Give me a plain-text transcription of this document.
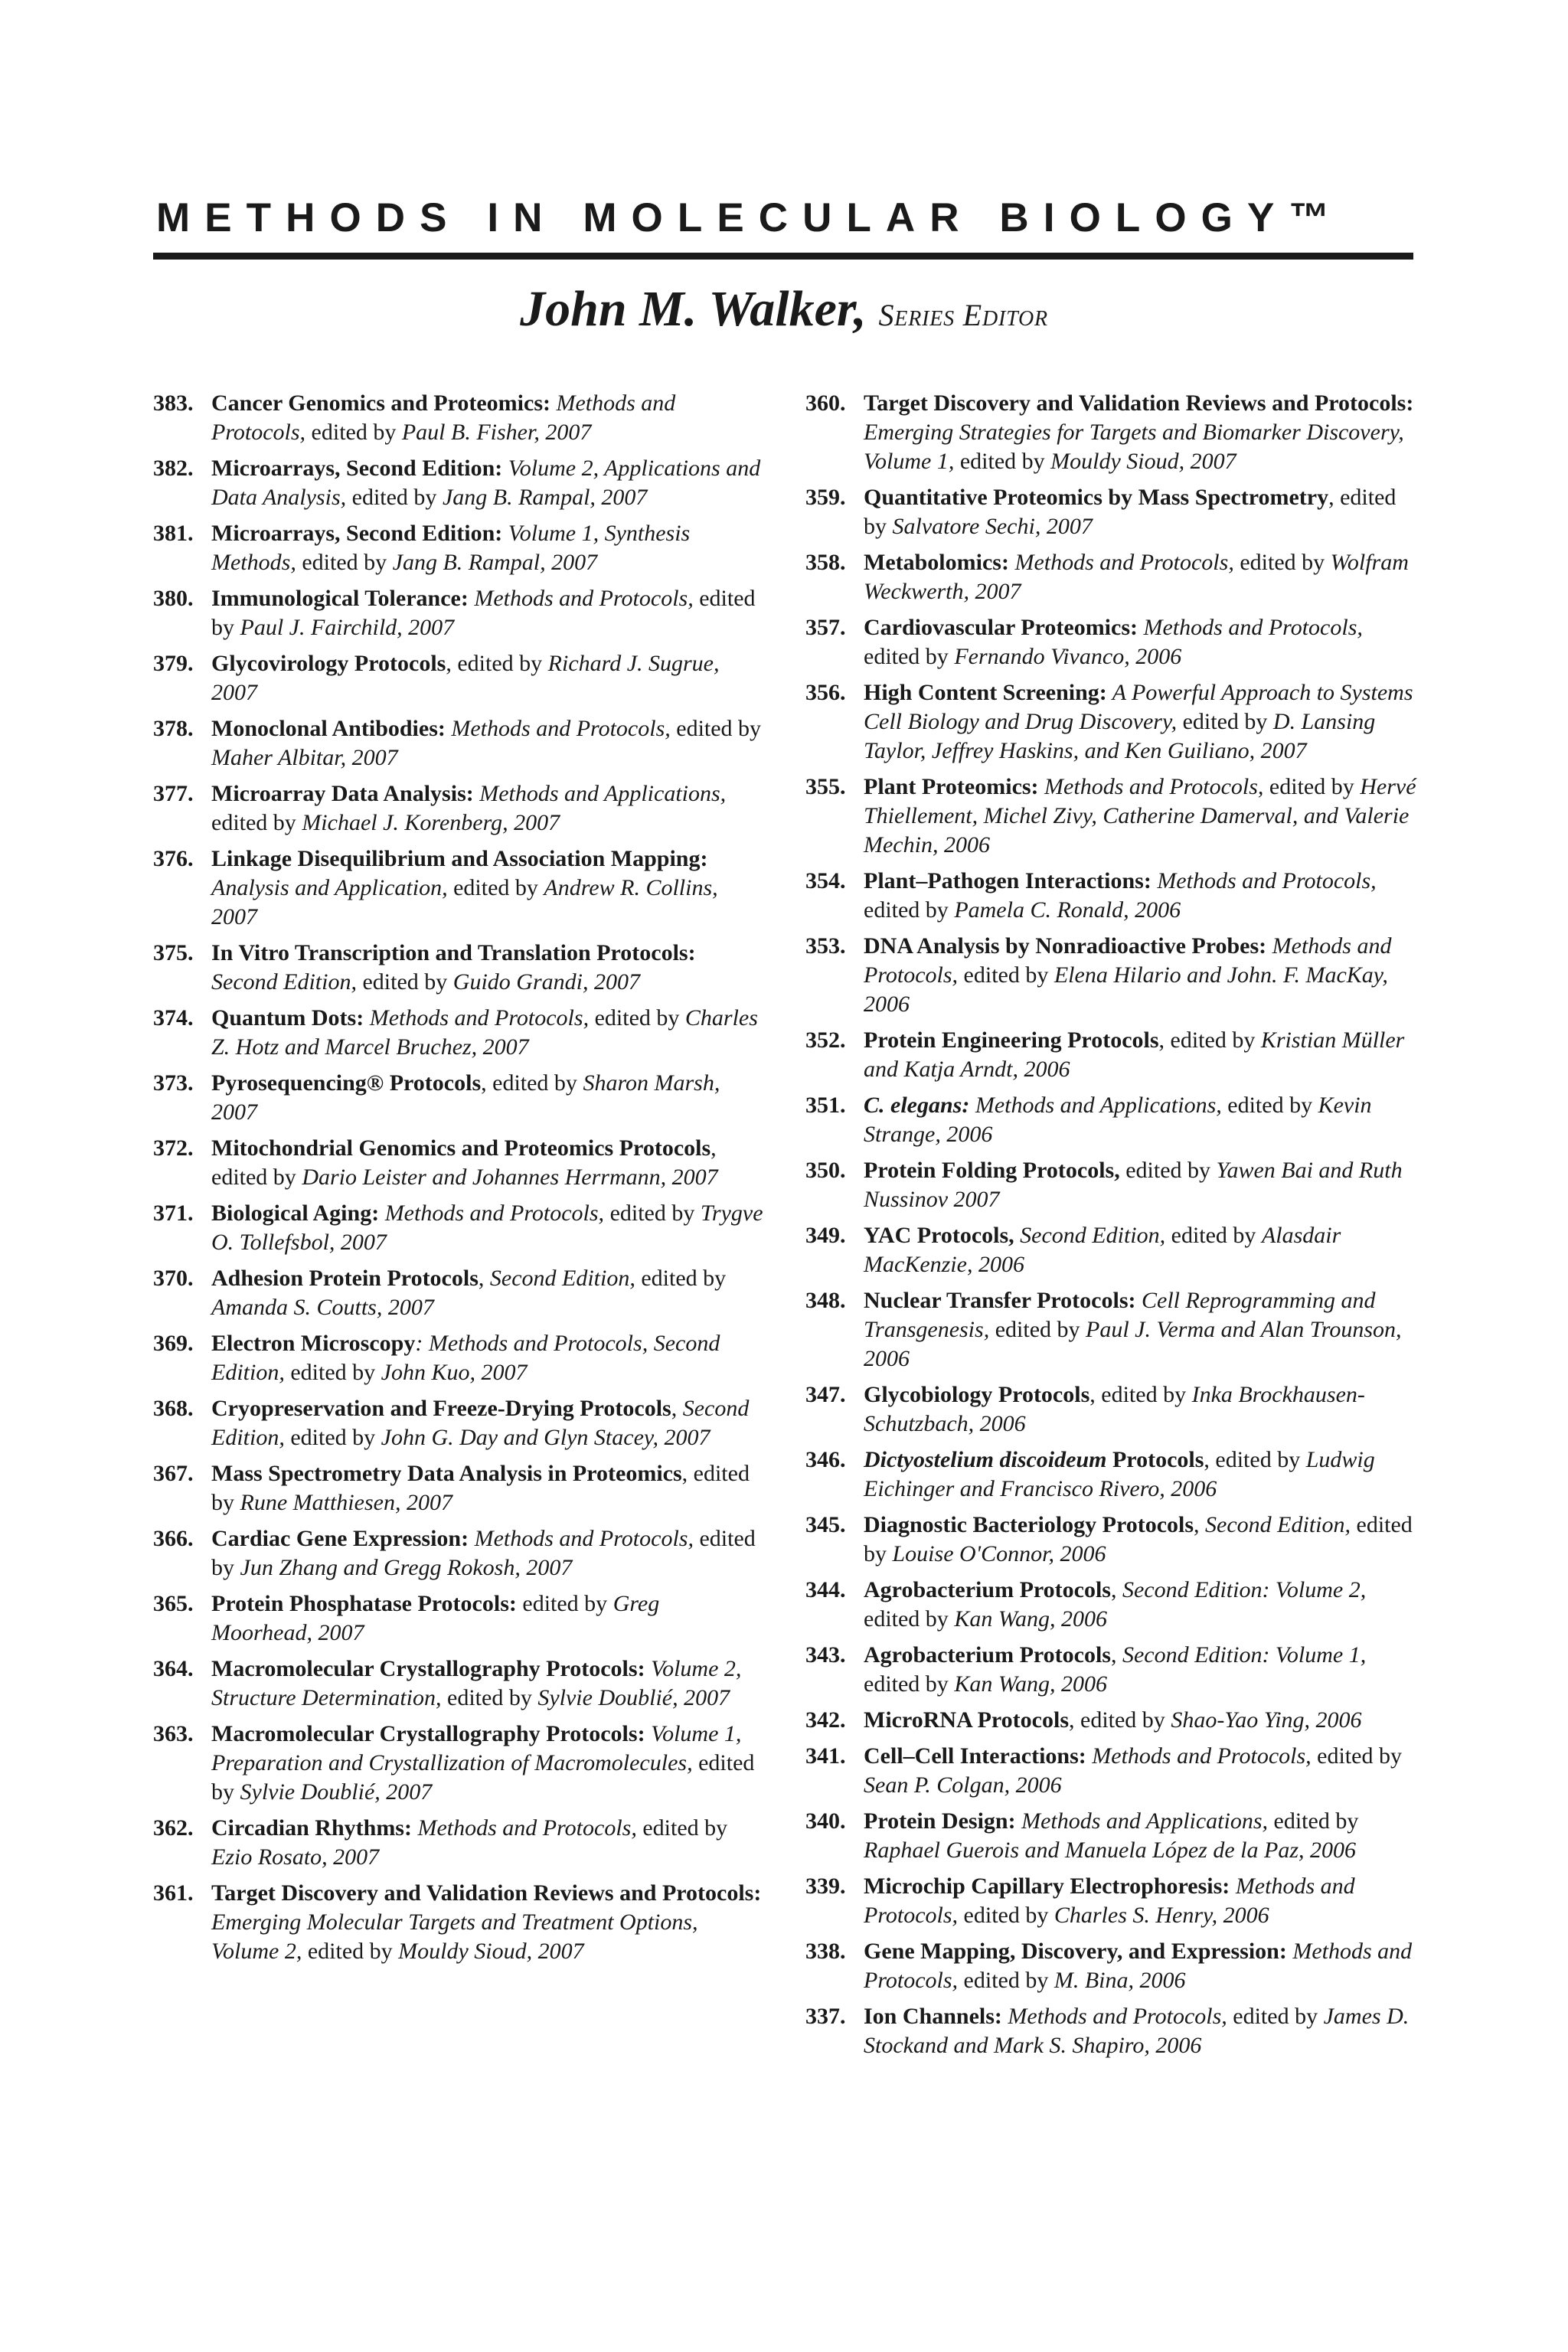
METHODS IN MOLECULAR BIOLOGY™
John M. Walker, Series Editor
383. Cancer Genomics and Proteomics: Methods and Protocols, edited by Paul B. Fisher, 2007
382. Microarrays, Second Edition: Volume 2, Applications and Data Analysis, edited by Jang B. Rampal, 2007
381. Microarrays, Second Edition: Volume 1, Synthesis Methods, edited by Jang B. Rampal, 2007
380. Immunological Tolerance: Methods and Protocols, edited by Paul J. Fairchild, 2007
379. Glycovirology Protocols, edited by Richard J. Sugrue, 2007
378. Monoclonal Antibodies: Methods and Protocols, edited by Maher Albitar, 2007
377. Microarray Data Analysis: Methods and Applications, edited by Michael J. Korenberg, 2007
376. Linkage Disequilibrium and Association Mapping: Analysis and Application, edited by Andrew R. Collins, 2007
375. In Vitro Transcription and Translation Protocols: Second Edition, edited by Guido Grandi, 2007
374. Quantum Dots: Methods and Protocols, edited by Charles Z. Hotz and Marcel Bruchez, 2007
373. Pyrosequencing® Protocols, edited by Sharon Marsh, 2007
372. Mitochondrial Genomics and Proteomics Protocols, edited by Dario Leister and Johannes Herrmann, 2007
371. Biological Aging: Methods and Protocols, edited by Trygve O. Tollefsbol, 2007
370. Adhesion Protein Protocols, Second Edition, edited by Amanda S. Coutts, 2007
369. Electron Microscopy: Methods and Protocols, Second Edition, edited by John Kuo, 2007
368. Cryopreservation and Freeze-Drying Protocols, Second Edition, edited by John G. Day and Glyn Stacey, 2007
367. Mass Spectrometry Data Analysis in Proteomics, edited by Rune Matthiesen, 2007
366. Cardiac Gene Expression: Methods and Protocols, edited by Jun Zhang and Gregg Rokosh, 2007
365. Protein Phosphatase Protocols: edited by Greg Moorhead, 2007
364. Macromolecular Crystallography Protocols: Volume 2, Structure Determination, edited by Sylvie Doublié, 2007
363. Macromolecular Crystallography Protocols: Volume 1, Preparation and Crystallization of Macromolecules, edited by Sylvie Doublié, 2007
362. Circadian Rhythms: Methods and Protocols, edited by Ezio Rosato, 2007
361. Target Discovery and Validation Reviews and Protocols: Emerging Molecular Targets and Treatment Options, Volume 2, edited by Mouldy Sioud, 2007
360. Target Discovery and Validation Reviews and Protocols: Emerging Strategies for Targets and Biomarker Discovery, Volume 1, edited by Mouldy Sioud, 2007
359. Quantitative Proteomics by Mass Spectrometry, edited by Salvatore Sechi, 2007
358. Metabolomics: Methods and Protocols, edited by Wolfram Weckwerth, 2007
357. Cardiovascular Proteomics: Methods and Protocols, edited by Fernando Vivanco, 2006
356. High Content Screening: A Powerful Approach to Systems Cell Biology and Drug Discovery, edited by D. Lansing Taylor, Jeffrey Haskins, and Ken Guiliano, 2007
355. Plant Proteomics: Methods and Protocols, edited by Hervé Thiellement, Michel Zivy, Catherine Damerval, and Valerie Mechin, 2006
354. Plant–Pathogen Interactions: Methods and Protocols, edited by Pamela C. Ronald, 2006
353. DNA Analysis by Nonradioactive Probes: Methods and Protocols, edited by Elena Hilario and John. F. MacKay, 2006
352. Protein Engineering Protocols, edited by Kristian Müller and Katja Arndt, 2006
351. C. elegans: Methods and Applications, edited by Kevin Strange, 2006
350. Protein Folding Protocols, edited by Yawen Bai and Ruth Nussinov 2007
349. YAC Protocols, Second Edition, edited by Alasdair MacKenzie, 2006
348. Nuclear Transfer Protocols: Cell Reprogramming and Transgenesis, edited by Paul J. Verma and Alan Trounson, 2006
347. Glycobiology Protocols, edited by Inka Brockhausen-Schutzbach, 2006
346. Dictyostelium discoideum Protocols, edited by Ludwig Eichinger and Francisco Rivero, 2006
345. Diagnostic Bacteriology Protocols, Second Edition, edited by Louise O'Connor, 2006
344. Agrobacterium Protocols, Second Edition: Volume 2, edited by Kan Wang, 2006
343. Agrobacterium Protocols, Second Edition: Volume 1, edited by Kan Wang, 2006
342. MicroRNA Protocols, edited by Shao-Yao Ying, 2006
341. Cell–Cell Interactions: Methods and Protocols, edited by Sean P. Colgan, 2006
340. Protein Design: Methods and Applications, edited by Raphael Guerois and Manuela López de la Paz, 2006
339. Microchip Capillary Electrophoresis: Methods and Protocols, edited by Charles S. Henry, 2006
338. Gene Mapping, Discovery, and Expression: Methods and Protocols, edited by M. Bina, 2006
337. Ion Channels: Methods and Protocols, edited by James D. Stockand and Mark S. Shapiro, 2006
